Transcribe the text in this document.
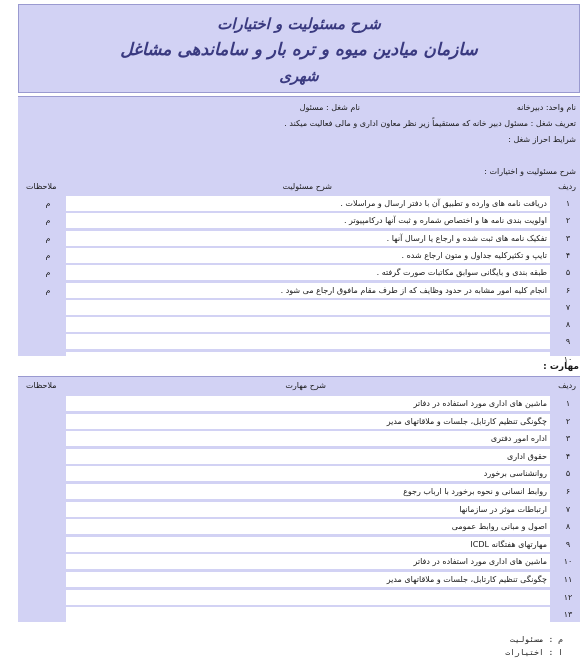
شرح مسئولیت و اختیارات
سازمان میادین میوه و تره بار و ساماندهی مشاغل
شهری
نام واحد: دبیرخانه
نام شغل : مسئول
تعریف شغل : مسئول دبیر خانه که مستقیماً زیر نظر معاون اداری و مالی فعالیت میکند .
شرایط احراز شغل :
شرح مسئولیت و اختیارات :
ردیف
شرح مسئولیت
ملاحظات
۱
دریافت نامه های وارده و تطبیق آن با دفتر ارسال و مراسلات .
م
۲
اولویت بندی نامه ها و اختصاص شماره و ثبت آنها درکامپیوتر .
م
۳
تفکیک نامه های ثبت شده و ارجاع یا ارسال آنها .
م
۴
تایپ و تکثیرکلیه جداول و متون ارجاع شده .
م
۵
طبقه بندی و بایگانی سوابق مکاتبات صورت گرفته .
م
۶
انجام کلیه امور مشابه در حدود وظایف که از طرف مقام مافوق ارجاع می شود .
م
۷
۸
۹
۱۰
مهارت :
ردیف
شرح مهارت
ملاحظات
۱
ماشین های اداری مورد استفاده در دفاتر
۲
چگونگی تنظیم کارتابل، جلسات و ملاقاتهای مدیر
۳
اداره امور دفتری
۴
حقوق اداری
۵
روانشناسی برخورد
۶
روابط انسانی و نحوه برخورد با ارباب رجوع
۷
ارتباطات موثر در سازمانها
۸
اصول و مبانی روابط عمومی
۹
مهارتهای هفتگانه ICDL
۱۰
ماشین های اداری مورد استفاده در دفاتر
۱۱
چگونگی تنظیم کارتابل، جلسات و ملاقاتهای مدیر
۱۲
۱۳
م : مسئولیت
ا : اختیارات
